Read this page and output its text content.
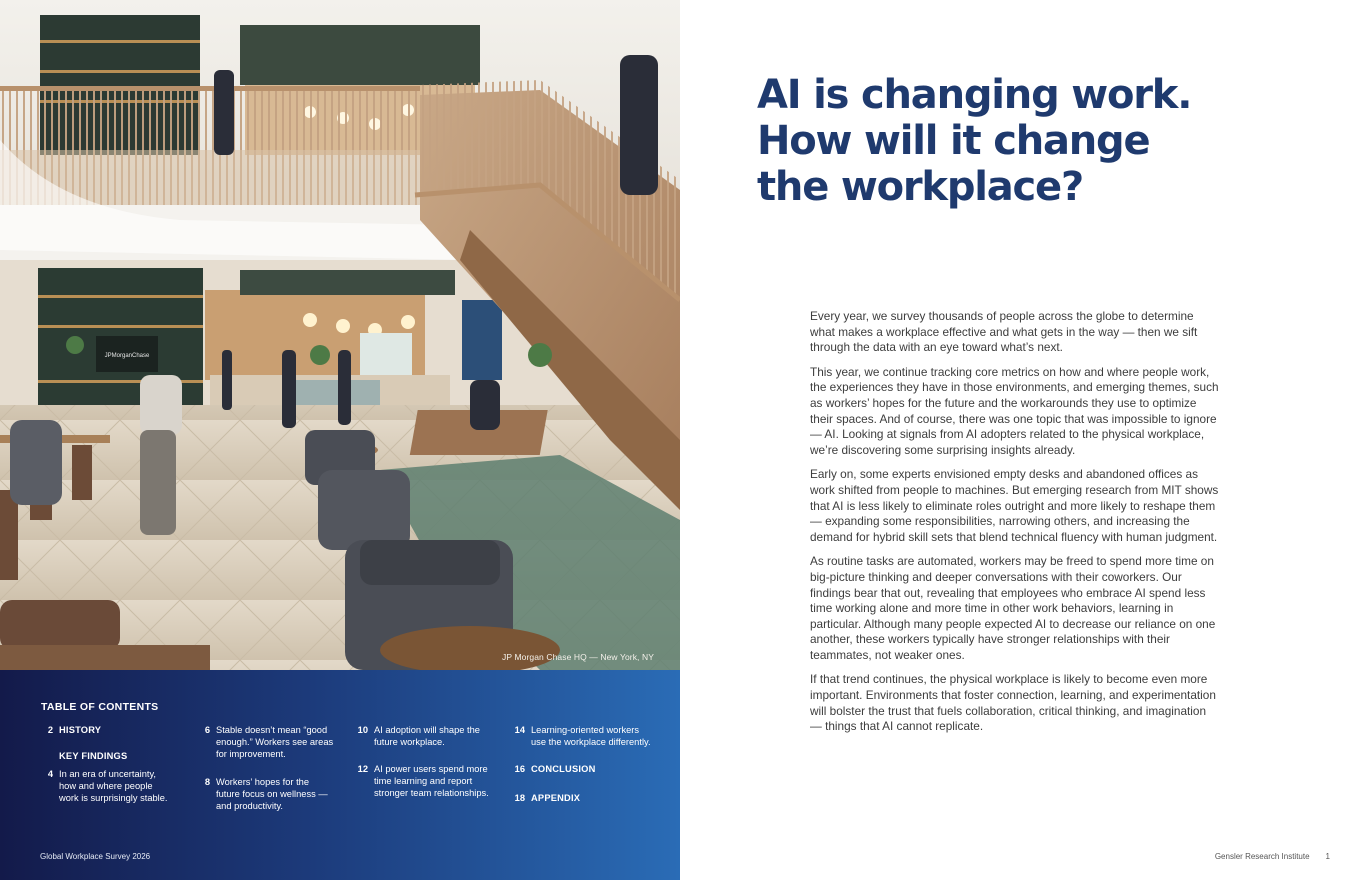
JPMorganChase
JP Morgan Chase HQ — New York, NY
TABLE OF CONTENTS
2 HISTORY
KEY FINDINGS
4 In an era of uncertainty,
how and where people
work is surprisingly stable.
6 Stable doesn’t mean “good
enough.” Workers see areas
for improvement.
8 Workers’ hopes for the
future focus on wellness —
and productivity.
10 AI adoption will shape the
future workplace.
12 AI power users spend more
time learning and report
stronger team relationships.
14 Learning-oriented workers
use the workplace differently.
16 CONCLUSION
18 APPENDIX
Global Workplace Survey 2026
AI is changing work.
How will it change
the workplace?

Every year, we survey thousands of people across the globe to determine what makes a workplace effective and what gets in the way — then we sift through the data with an eye toward what’s next.

This year, we continue tracking core metrics on how and where people work, the experiences they have in those environments, and emerging themes, such as workers’ hopes for the future and the workarounds they use to optimize their spaces. And of course, there was one topic that was impossible to ignore — AI. Looking at signals from AI adopters related to the physical workplace, we’re discovering some surprising insights already.

Early on, some experts envisioned empty desks and abandoned offices as work shifted from people to machines. But emerging research from MIT shows that AI is less likely to eliminate roles outright and more likely to reshape them — expanding some responsibilities, narrowing others, and increasing the demand for hybrid skill sets that blend technical fluency with human judgment.

As routine tasks are automated, workers may be freed to spend more time on big-picture thinking and deeper conversations with their coworkers. Our findings bear that out, revealing that employees who embrace AI spend less time working alone and more time in other work behaviors, learning in particular. Although many people expected AI to decrease our reliance on one another, these workers typically have stronger relationships with their teammates, not weaker ones.

If that trend continues, the physical workplace is likely to become even more important. Environments that foster connection, learning, and experimentation will bolster the trust that fuels collaboration, critical thinking, and imagination — things that AI cannot replicate.

Gensler Research Institute 1
